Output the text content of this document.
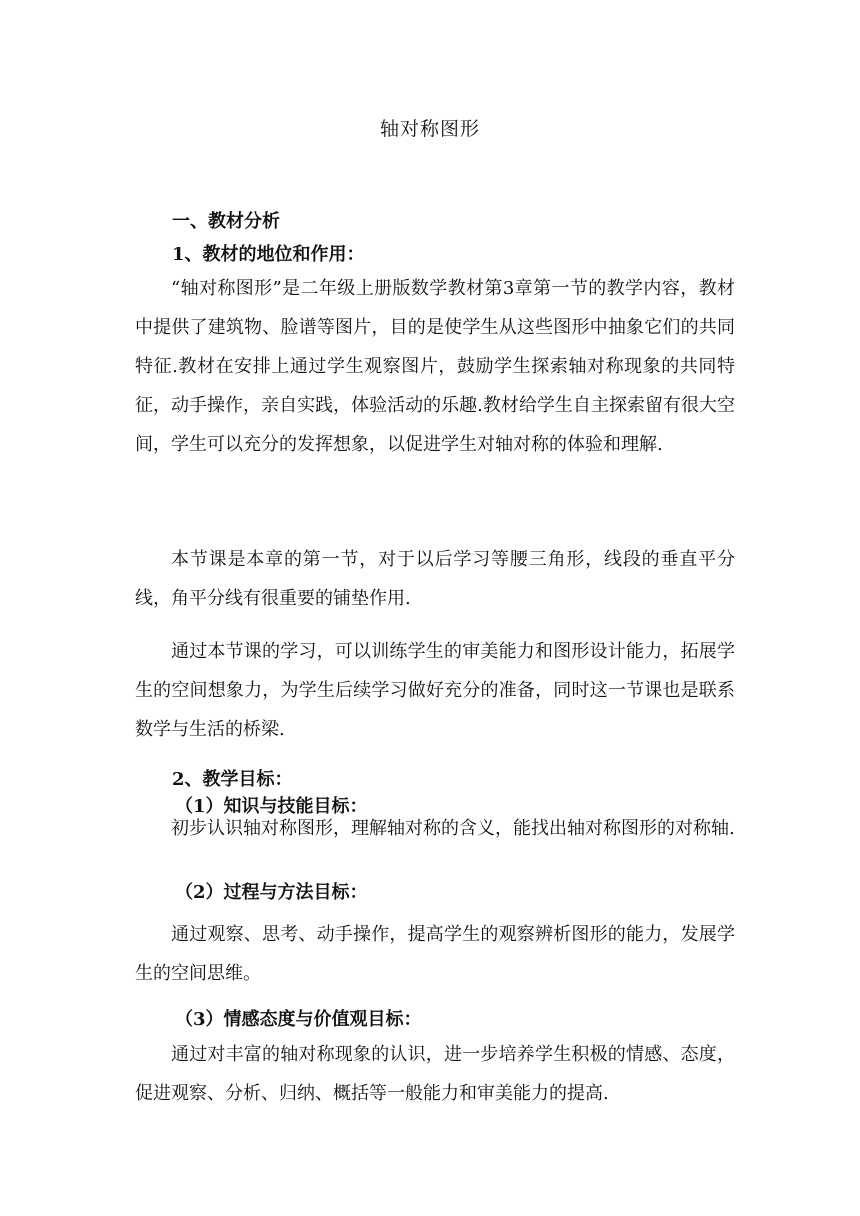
轴对称图形
一、教材分析
1、教材的地位和作用：
“轴对称图形”是二年级上册版数学教材第3章第一节的教学内容，教材中提供了建筑物、脸谱等图片，目的是使学生从这些图形中抽象它们的共同特征.教材在安排上通过学生观察图片，鼓励学生探索轴对称现象的共同特征，动手操作，亲自实践，体验活动的乐趣.教材给学生自主探索留有很大空间，学生可以充分的发挥想象，以促进学生对轴对称的体验和理解.
本节课是本章的第一节，对于以后学习等腰三角形，线段的垂直平分线，角平分线有很重要的铺垫作用.
通过本节课的学习，可以训练学生的审美能力和图形设计能力，拓展学生的空间想象力，为学生后续学习做好充分的准备，同时这一节课也是联系数学与生活的桥梁.
2、教学目标：
（1）知识与技能目标：
初步认识轴对称图形，理解轴对称的含义，能找出轴对称图形的对称轴.
（2）过程与方法目标：
通过观察、思考、动手操作，提高学生的观察辨析图形的能力，发展学生的空间思维。
（3）情感态度与价值观目标：
通过对丰富的轴对称现象的认识，进一步培养学生积极的情感、态度，促进观察、分析、归纳、概括等一般能力和审美能力的提高.
